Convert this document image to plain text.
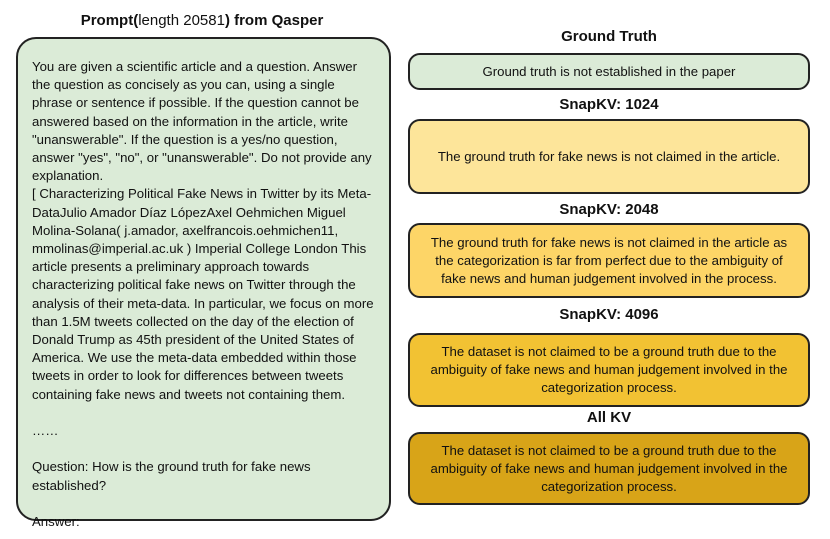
Prompt(length 20581) from Qasper

You are given a scientific article and a question. Answer the question as concisely as you can, using a single phrase or sentence if possible. If the question cannot be answered based on the information in the article, write "unanswerable". If the question is a yes/no question, answer "yes", "no", or "unanswerable". Do not provide any explanation.

[ Characterizing Political Fake News in Twitter by its Meta-DataJulio Amador Díaz LópezAxel Oehmichen Miguel Molina-Solana( j.amador, axelfrancois.oehmichen11, mmolinas@imperial.ac.uk ) Imperial College London This article presents a preliminary approach towards characterizing political fake news on Twitter through the analysis of their meta-data. In particular, we focus on more than 1.5M tweets collected on the day of the election of Donald Trump as 45th president of the United States of America. We use the meta-data embedded within those tweets in order to look for differences between tweets containing fake news and tweets not containing them.

……

Question: How is the ground truth for fake news established?

Answer:

Ground Truth
Ground truth is not established in the paper
SnapKV: 1024
The ground truth for fake news is not claimed in the article.
SnapKV: 2048
The ground truth for fake news is not claimed in the article as the categorization is far from perfect due to the ambiguity of fake news and human judgement involved in the process.
SnapKV: 4096
The dataset is not claimed to be a ground truth due to the ambiguity of fake news and human judgement involved in the categorization process.
All KV
The dataset is not claimed to be a ground truth due to the ambiguity of fake news and human judgement involved in the categorization process.
